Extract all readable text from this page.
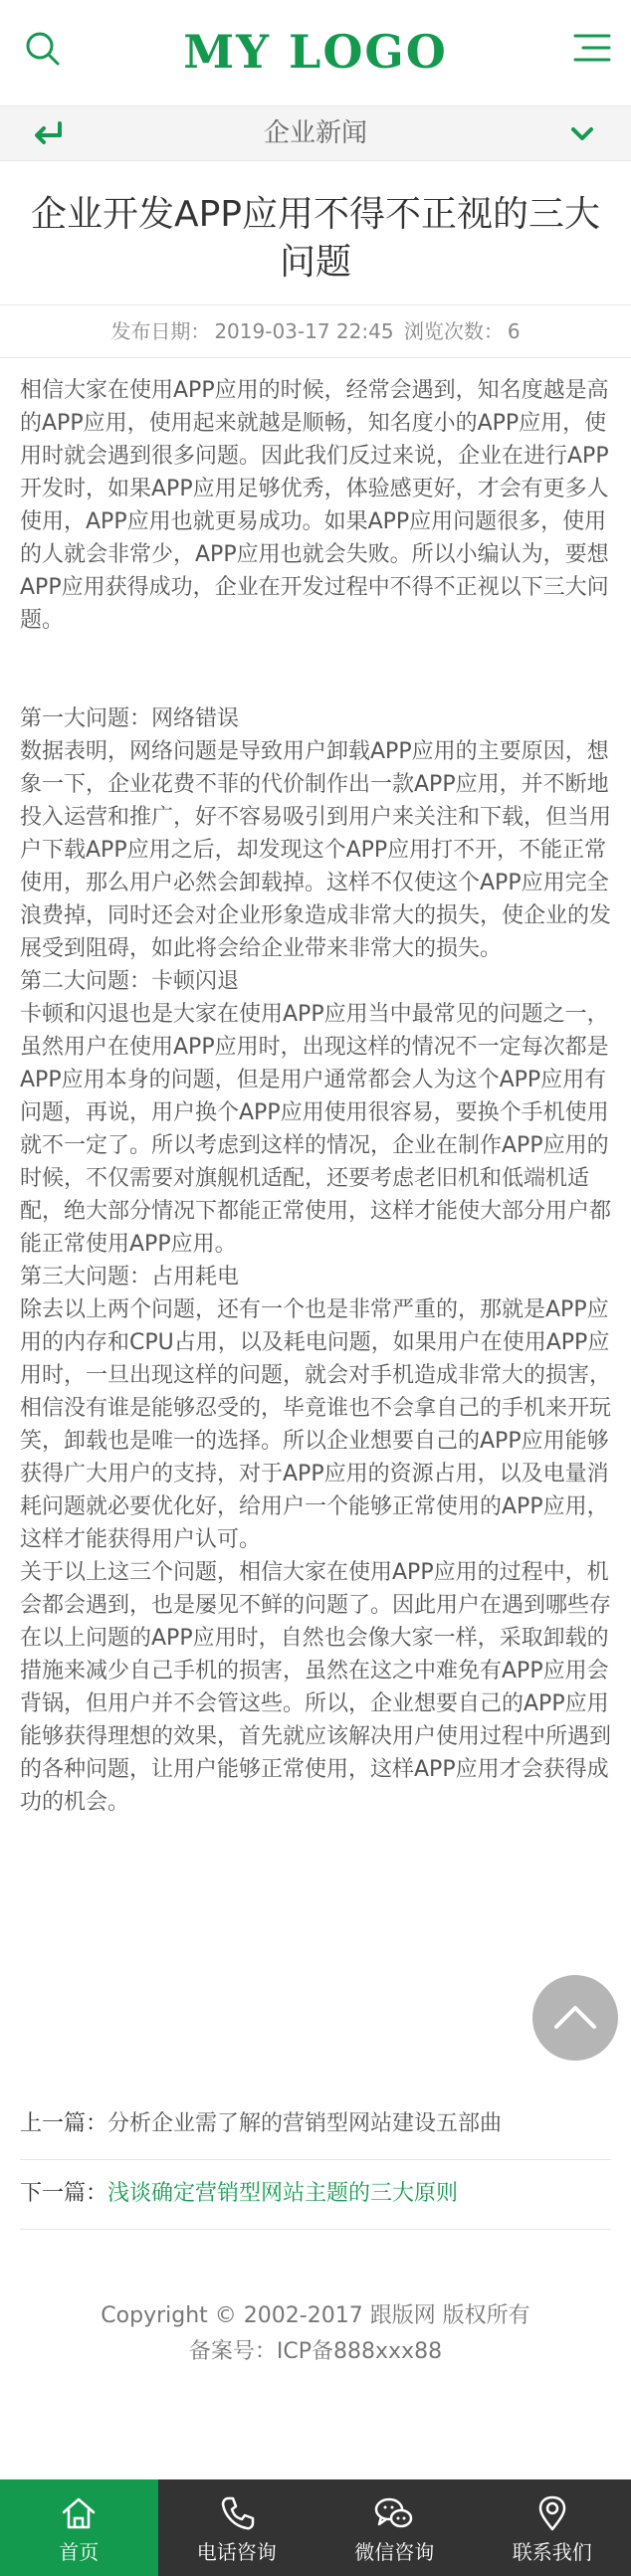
MY LOGO
企业新闻
企业开发APP应用不得不正视的三大问题
发布日期： 2019-03-17 22:45 浏览次数： 6

相信大家在使用APP应用的时候，经常会遇到，知名度越是高的APP应用，使用起来就越是顺畅，知名度小的APP应用，使用时就会遇到很多问题。因此我们反过来说，企业在进行APP开发时，如果APP应用足够优秀，体验感更好，才会有更多人使用，APP应用也就更易成功。如果APP应用问题很多，使用的人就会非常少，APP应用也就会失败。所以小编认为，要想APP应用获得成功，企业在开发过程中不得不正视以下三大问题。

第一大问题：网络错误

数据表明，网络问题是导致用户卸载APP应用的主要原因，想象一下，企业花费不菲的代价制作出一款APP应用，并不断地投入运营和推广，好不容易吸引到用户来关注和下载，但当用户下载APP应用之后，却发现这个APP应用打不开，不能正常使用，那么用户必然会卸载掉。这样不仅使这个APP应用完全浪费掉，同时还会对企业形象造成非常大的损失，使企业的发展受到阻碍，如此将会给企业带来非常大的损失。

第二大问题：卡顿闪退

卡顿和闪退也是大家在使用APP应用当中最常见的问题之一，虽然用户在使用APP应用时，出现这样的情况不一定每次都是APP应用本身的问题，但是用户通常都会人为这个APP应用有问题，再说，用户换个APP应用使用很容易，要换个手机使用就不一定了。所以考虑到这样的情况，企业在制作APP应用的时候，不仅需要对旗舰机适配，还要考虑老旧机和低端机适配，绝大部分情况下都能正常使用，这样才能使大部分用户都能正常使用APP应用。

第三大问题：占用耗电

除去以上两个问题，还有一个也是非常严重的，那就是APP应用的内存和CPU占用，以及耗电问题，如果用户在使用APP应用时，一旦出现这样的问题，就会对手机造成非常大的损害，相信没有谁是能够忍受的，毕竟谁也不会拿自己的手机来开玩笑，卸载也是唯一的选择。所以企业想要自己的APP应用能够获得广大用户的支持，对于APP应用的资源占用，以及电量消耗问题就必要优化好，给用户一个能够正常使用的APP应用，这样才能获得用户认可。

关于以上这三个问题，相信大家在使用APP应用的过程中，机会都会遇到，也是屡见不鲜的问题了。因此用户在遇到哪些存在以上问题的APP应用时，自然也会像大家一样，采取卸载的措施来减少自己手机的损害，虽然在这之中难免有APP应用会背锅，但用户并不会管这些。所以，企业想要自己的APP应用能够获得理想的效果，首先就应该解决用户使用过程中所遇到的各种问题，让用户能够正常使用，这样APP应用才会获得成功的机会。

上一篇：分析企业需了解的营销型网站建设五部曲
下一篇：浅谈确定营销型网站主题的三大原则
Copyright © 2002-2017 跟版网 版权所有
备案号：ICP备888xxx88
首页	电话咨询	微信咨询	联系我们
